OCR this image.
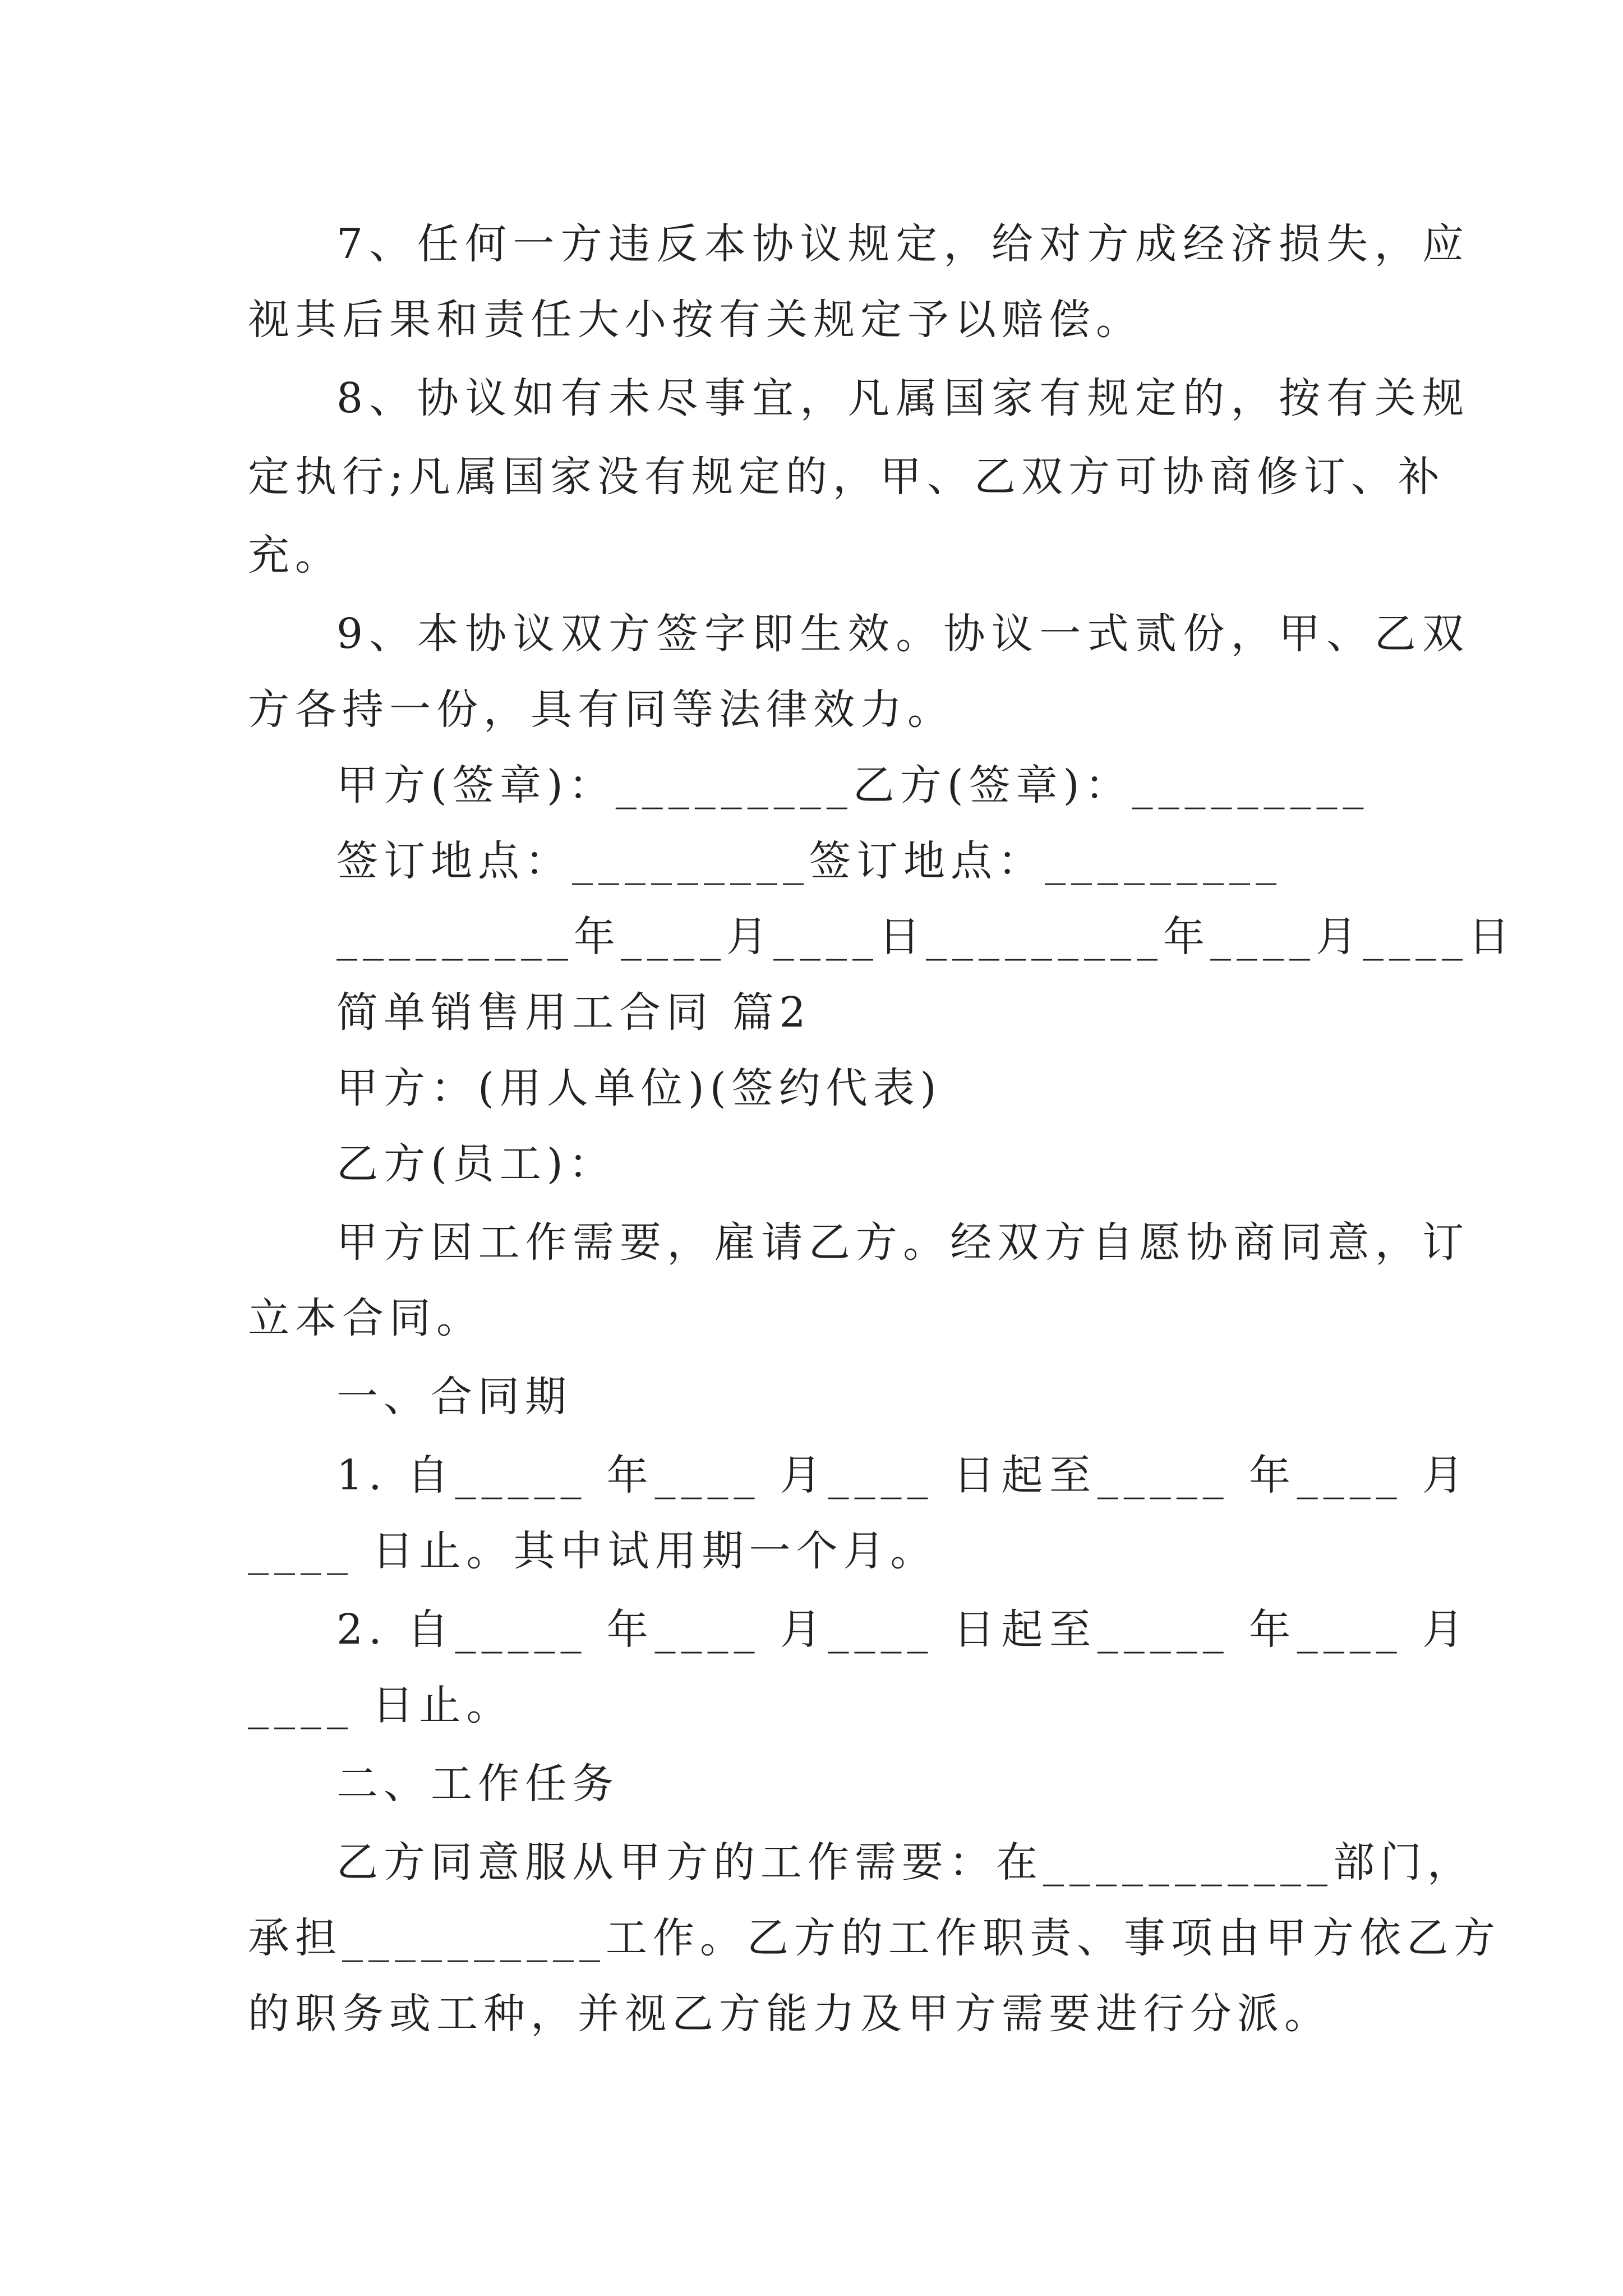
7、任何一方违反本协议规定，给对方成经济损失，应
视其后果和责任大小按有关规定予以赔偿。
8、协议如有未尽事宜，凡属国家有规定的，按有关规
定执行;凡属国家没有规定的，甲、乙双方可协商修订、补
充。
9、本协议双方签字即生效。协议一式贰份，甲、乙双
方各持一份，具有同等法律效力。
甲方(签章)：_________乙方(签章)：_________
签订地点：_________签订地点：_________
_________年____月____日_________年____月____日
简单销售用工合同 篇2
甲方：(用人单位)(签约代表)
乙方(员工)：
甲方因工作需要，雇请乙方。经双方自愿协商同意，订
立本合同。
一、合同期
1. 自_____ 年____ 月____ 日起至_____ 年____ 月
____ 日止。其中试用期一个月。
2. 自_____ 年____ 月____ 日起至_____ 年____ 月
____ 日止。
二、工作任务
乙方同意服从甲方的工作需要：在___________部门，
承担__________工作。乙方的工作职责、事项由甲方依乙方
的职务或工种，并视乙方能力及甲方需要进行分派。
